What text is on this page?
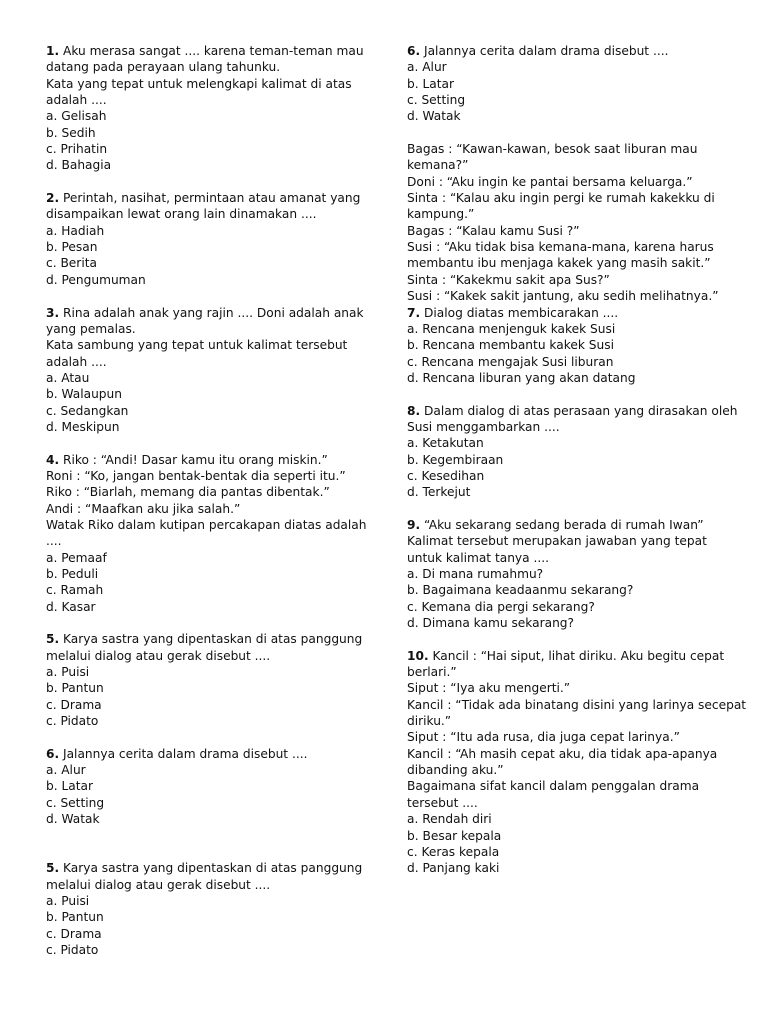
1. Aku merasa sangat .... karena teman-teman mau
datang pada perayaan ulang tahunku.
Kata yang tepat untuk melengkapi kalimat di atas
adalah ....
a. Gelisah
b. Sedih
c. Prihatin
d. Bahagia
2. Perintah, nasihat, permintaan atau amanat yang
disampaikan lewat orang lain dinamakan ....
a. Hadiah
b. Pesan
c. Berita
d. Pengumuman
3. Rina adalah anak yang rajin .... Doni adalah anak
yang pemalas.
Kata sambung yang tepat untuk kalimat tersebut
adalah ....
a. Atau
b. Walaupun
c. Sedangkan
d. Meskipun
4. Riko : “Andi! Dasar kamu itu orang miskin.”
Roni : “Ko, jangan bentak-bentak dia seperti itu.”
Riko : “Biarlah, memang dia pantas dibentak.”
Andi : “Maafkan aku jika salah.”
Watak Riko dalam kutipan percakapan diatas adalah
....
a. Pemaaf
b. Peduli
c. Ramah
d. Kasar
5. Karya sastra yang dipentaskan di atas panggung
melalui dialog atau gerak disebut ....
a. Puisi
b. Pantun
c. Drama
c. Pidato
6. Jalannya cerita dalam drama disebut ....
a. Alur
b. Latar
c. Setting
d. Watak
5. Karya sastra yang dipentaskan di atas panggung
melalui dialog atau gerak disebut ....
a. Puisi
b. Pantun
c. Drama
c. Pidato
6. Jalannya cerita dalam drama disebut ....
a. Alur
b. Latar
c. Setting
d. Watak
Bagas : “Kawan-kawan, besok saat liburan mau
kemana?”
Doni : “Aku ingin ke pantai bersama keluarga.”
Sinta : “Kalau aku ingin pergi ke rumah kakekku di
kampung.”
Bagas : “Kalau kamu Susi ?”
Susi : “Aku tidak bisa kemana-mana, karena harus
membantu ibu menjaga kakek yang masih sakit.”
Sinta : “Kakekmu sakit apa Sus?”
Susi : “Kakek sakit jantung, aku sedih melihatnya.”
7. Dialog diatas membicarakan ....
a. Rencana menjenguk kakek Susi
b. Rencana membantu kakek Susi
c. Rencana mengajak Susi liburan
d. Rencana liburan yang akan datang
8. Dalam dialog di atas perasaan yang dirasakan oleh
Susi menggambarkan ....
a. Ketakutan
b. Kegembiraan
c. Kesedihan
d. Terkejut
9. “Aku sekarang sedang berada di rumah Iwan”
Kalimat tersebut merupakan jawaban yang tepat
untuk kalimat tanya ....
a. Di mana rumahmu?
b. Bagaimana keadaanmu sekarang?
c. Kemana dia pergi sekarang?
d. Dimana kamu sekarang?
10. Kancil : “Hai siput, lihat diriku. Aku begitu cepat
berlari.”
Siput : “Iya aku mengerti.”
Kancil : “Tidak ada binatang disini yang larinya secepat
diriku.”
Siput : “Itu ada rusa, dia juga cepat larinya.”
Kancil : “Ah masih cepat aku, dia tidak apa-apanya
dibanding aku.”
Bagaimana sifat kancil dalam penggalan drama
tersebut ....
a. Rendah diri
b. Besar kepala
c. Keras kepala
d. Panjang kaki
